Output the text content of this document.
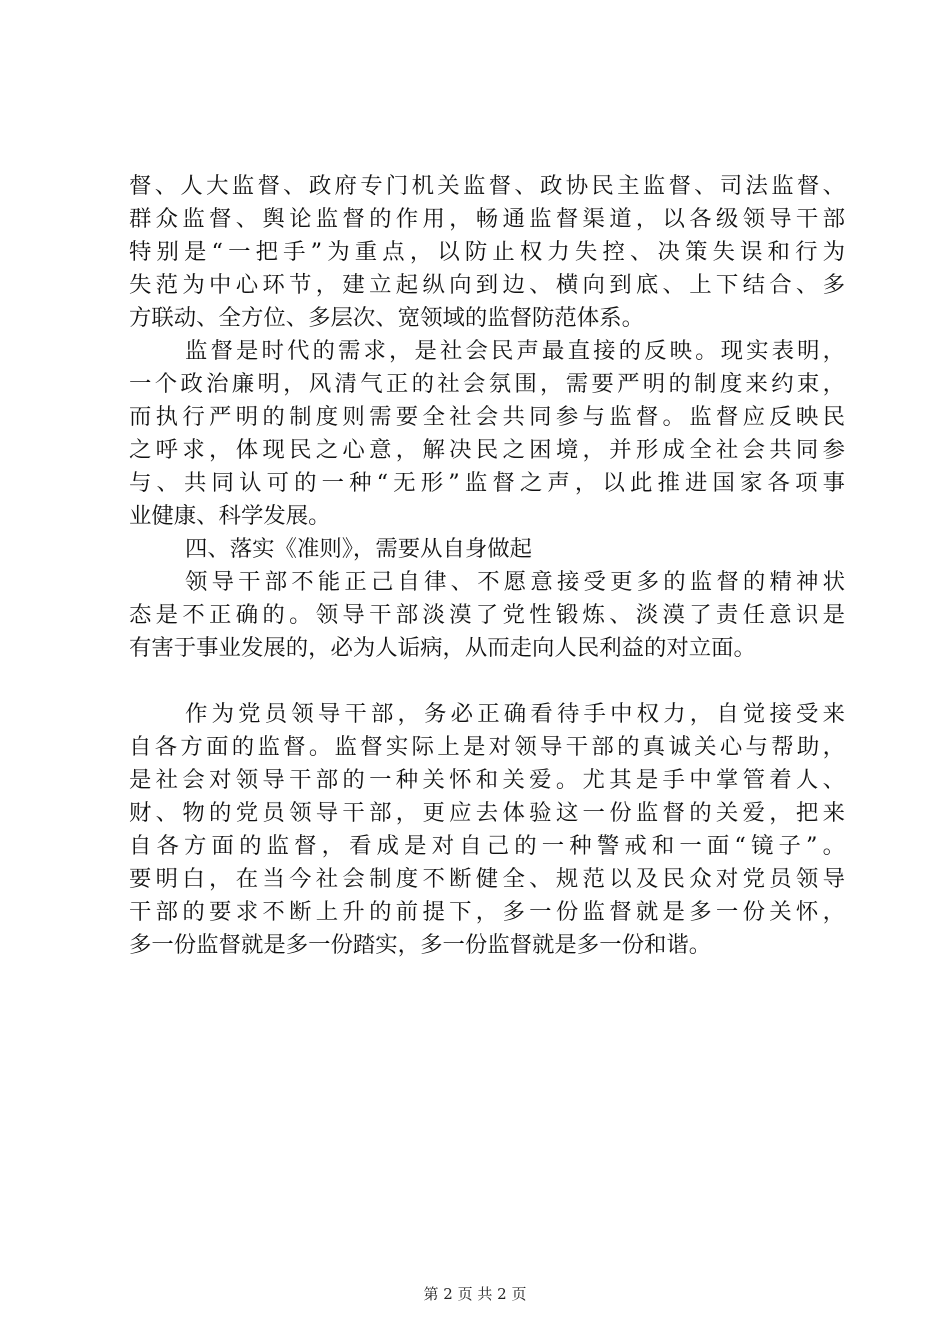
督、人大监督、政府专门机关监督、政协民主监督、司法监督、
群众监督、舆论监督的作用，畅通监督渠道，以各级领导干部
特别是“一把手”为重点，以防止权力失控、决策失误和行为
失范为中心环节，建立起纵向到边、横向到底、上下结合、多
方联动、全方位、多层次、宽领域的监督防范体系。
监督是时代的需求，是社会民声最直接的反映。现实表明，
一个政治廉明，风清气正的社会氛围，需要严明的制度来约束，
而执行严明的制度则需要全社会共同参与监督。监督应反映民
之呼求，体现民之心意，解决民之困境，并形成全社会共同参
与、共同认可的一种“无形”监督之声，以此推进国家各项事
业健康、科学发展。
四、落实《准则》，需要从自身做起
领导干部不能正己自律、不愿意接受更多的监督的精神状
态是不正确的。领导干部淡漠了党性锻炼、淡漠了责任意识是
有害于事业发展的，必为人诟病，从而走向人民利益的对立面。
作为党员领导干部，务必正确看待手中权力，自觉接受来
自各方面的监督。监督实际上是对领导干部的真诚关心与帮助，
是社会对领导干部的一种关怀和关爱。尤其是手中掌管着人、
财、物的党员领导干部，更应去体验这一份监督的关爱，把来
自各方面的监督，看成是对自己的一种警戒和一面“镜子”。
要明白，在当今社会制度不断健全、规范以及民众对党员领导
干部的要求不断上升的前提下，多一份监督就是多一份关怀，
多一份监督就是多一份踏实，多一份监督就是多一份和谐。
第 2 页 共 2 页
